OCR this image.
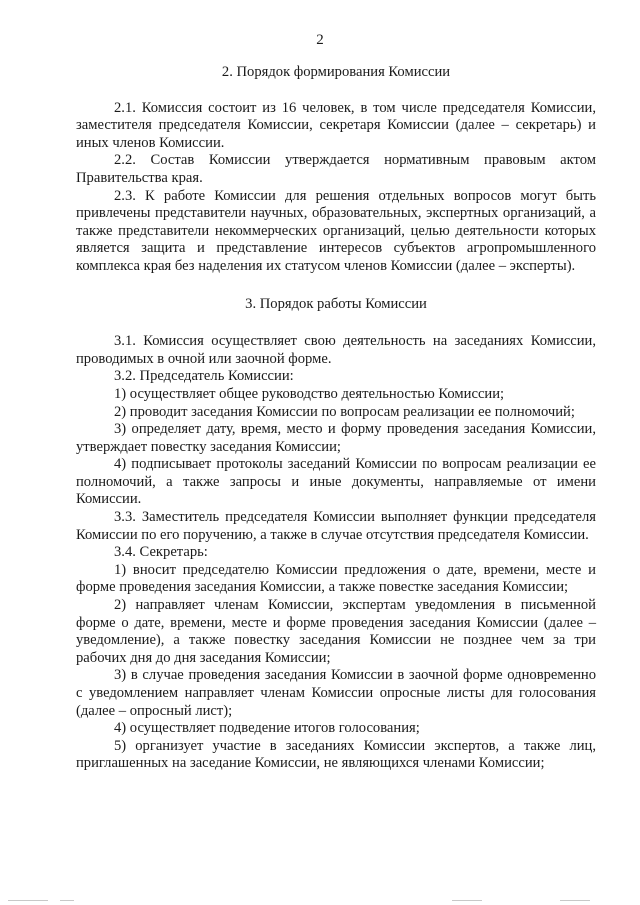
2
2. Порядок формирования Комиссии

2.1. Комиссия состоит из 16 человек, в том числе председателя Комиссии, заместителя председателя Комиссии, секретаря Комиссии (далее – секретарь) и иных членов Комиссии.

2.2. Состав Комиссии утверждается нормативным правовым актом Правительства края.

2.3. К работе Комиссии для решения отдельных вопросов могут быть привлечены представители научных, образовательных, экспертных организаций, а также представители некоммерческих организаций, целью деятельности которых является защита и представление интересов субъектов агропромышленного комплекса края без наделения их статусом членов Комиссии (далее – эксперты).

3. Порядок работы Комиссии

3.1. Комиссия осуществляет свою деятельность на заседаниях Комиссии, проводимых в очной или заочной форме.

3.2. Председатель Комиссии:

1) осуществляет общее руководство деятельностью Комиссии;

2) проводит заседания Комиссии по вопросам реализации ее полномочий;

3) определяет дату, время, место и форму проведения заседания Комиссии, утверждает повестку заседания Комиссии;

4) подписывает протоколы заседаний Комиссии по вопросам реализации ее полномочий, а также запросы и иные документы, направляемые от имени Комиссии.

3.3. Заместитель председателя Комиссии выполняет функции председателя Комиссии по его поручению, а также в случае отсутствия председателя Комиссии.

3.4. Секретарь:

1) вносит председателю Комиссии предложения о дате, времени, месте и форме проведения заседания Комиссии, а также повестке заседания Комиссии;

2) направляет членам Комиссии, экспертам уведомления в письменной форме о дате, времени, месте и форме проведения заседания Комиссии (далее – уведомление), а также повестку заседания Комиссии не позднее чем за три рабочих дня до дня заседания Комиссии;

3) в случае проведения заседания Комиссии в заочной форме одновременно с уведомлением направляет членам Комиссии опросные листы для голосования (далее – опросный лист);

4) осуществляет подведение итогов голосования;

5) организует участие в заседаниях Комиссии экспертов, а также лиц, приглашенных на заседание Комиссии, не являющихся членами Комиссии;
